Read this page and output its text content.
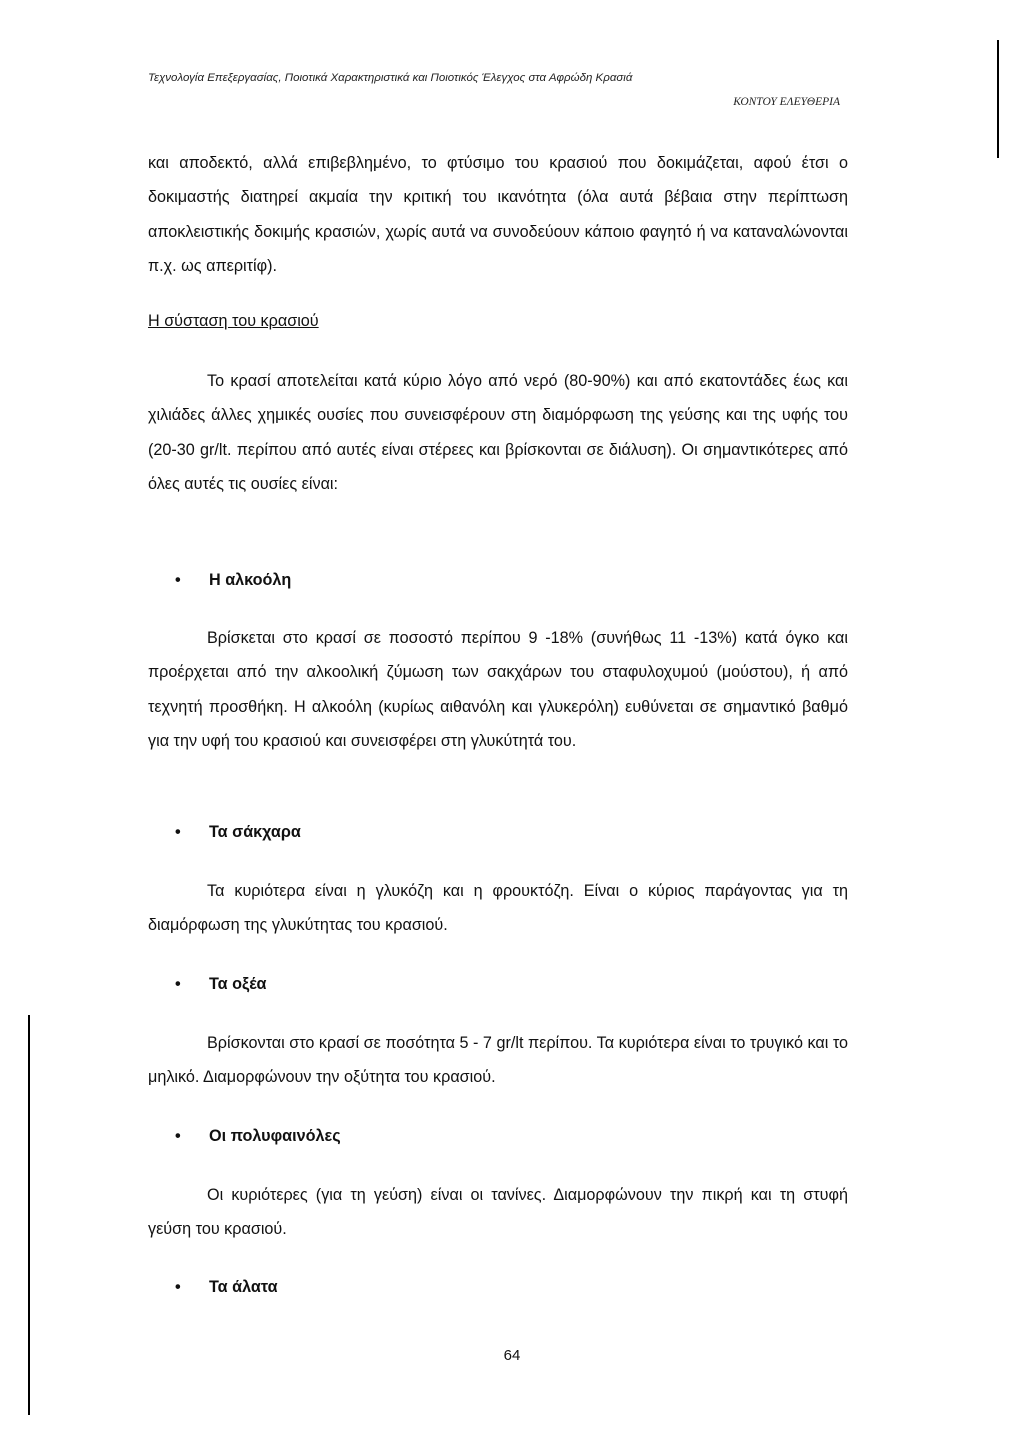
Τεχνολογία Επεξεργασίας, Ποιοτικά Χαρακτηριστικά και Ποιοτικός Έλεγχος στα Αφρώδη Κρασιά
ΚΟΝΤΟΥ ΕΛΕΥΘΕΡΙΑ

και αποδεκτό, αλλά επιβεβλημένο, το φτύσιμο του κρασιού που δοκιμάζεται, αφού έτσι ο δοκιμαστής διατηρεί ακμαία την κριτική του ικανότητα (όλα αυτά βέβαια στην περίπτωση αποκλειστικής δοκιμής κρασιών, χωρίς αυτά να συνοδεύουν κάποιο φαγητό ή να καταναλώνονται π.χ. ως απεριτίφ).

Η σύσταση του κρασιού

Το κρασί αποτελείται κατά κύριο λόγο από νερό (80-90%) και από εκατοντάδες έως και χιλιάδες άλλες χημικές ουσίες που συνεισφέρουν στη διαμόρφωση της γεύσης και της υφής του (20-30 gr/lt. περίπου από αυτές είναι στέρεες και βρίσκονται σε διάλυση). Οι σημαντικότερες από όλες αυτές τις ουσίες είναι:

• Η αλκοόλη

Βρίσκεται στο κρασί σε ποσοστό περίπου 9 -18% (συνήθως 11 -13%) κατά όγκο και προέρχεται από την αλκοολική ζύμωση των σακχάρων του σταφυλοχυμού (μούστου), ή από τεχνητή προσθήκη. Η αλκοόλη (κυρίως αιθανόλη και γλυκερόλη) ευθύνεται σε σημαντικό βαθμό για την υφή του κρασιού και συνεισφέρει στη γλυκύτητά του.

• Τα σάκχαρα

Τα κυριότερα είναι η γλυκόζη και η φρουκτόζη. Είναι ο κύριος παράγοντας για τη διαμόρφωση της γλυκύτητας του κρασιού.

• Τα οξέα

Βρίσκονται στο κρασί σε ποσότητα 5 - 7 gr/lt περίπου. Τα κυριότερα είναι το τρυγικό και το μηλικό. Διαμορφώνουν την οξύτητα του κρασιού.

• Οι πολυφαινόλες

Οι κυριότερες (για τη γεύση) είναι οι τανίνες. Διαμορφώνουν την πικρή και τη στυφή γεύση του κρασιού.

• Τα άλατα
64
